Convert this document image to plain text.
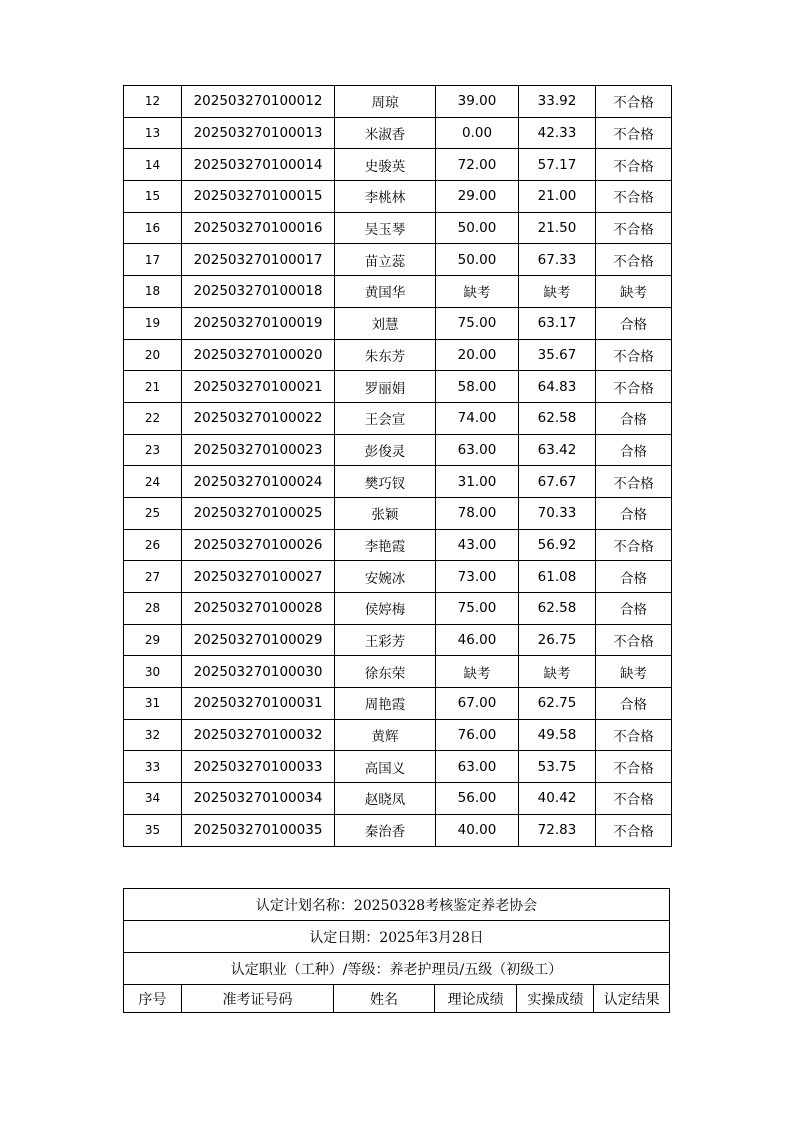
12	202503270100012	周琼	39.00	33.92	不合格
13	202503270100013	米淑香	0.00	42.33	不合格
14	202503270100014	史骏英	72.00	57.17	不合格
15	202503270100015	李桃林	29.00	21.00	不合格
16	202503270100016	吴玉琴	50.00	21.50	不合格
17	202503270100017	苗立蕊	50.00	67.33	不合格
18	202503270100018	黄国华	缺考	缺考	缺考
19	202503270100019	刘慧	75.00	63.17	合格
20	202503270100020	朱东芳	20.00	35.67	不合格
21	202503270100021	罗丽娟	58.00	64.83	不合格
22	202503270100022	王会宣	74.00	62.58	合格
23	202503270100023	彭俊灵	63.00	63.42	合格
24	202503270100024	樊巧钗	31.00	67.67	不合格
25	202503270100025	张颖	78.00	70.33	合格
26	202503270100026	李艳霞	43.00	56.92	不合格
27	202503270100027	安婉冰	73.00	61.08	合格
28	202503270100028	侯婷梅	75.00	62.58	合格
29	202503270100029	王彩芳	46.00	26.75	不合格
30	202503270100030	徐东荣	缺考	缺考	缺考
31	202503270100031	周艳霞	67.00	62.75	合格
32	202503270100032	黄辉	76.00	49.58	不合格
33	202503270100033	高国义	63.00	53.75	不合格
34	202503270100034	赵晓凤	56.00	40.42	不合格
35	202503270100035	秦治香	40.00	72.83	不合格
认定计划名称：20250328考核鉴定养老协会
认定日期：2025年3月28日
认定职业（工种）/等级：养老护理员/五级（初级工）
序号	准考证号码	姓名	理论成绩	实操成绩	认定结果
